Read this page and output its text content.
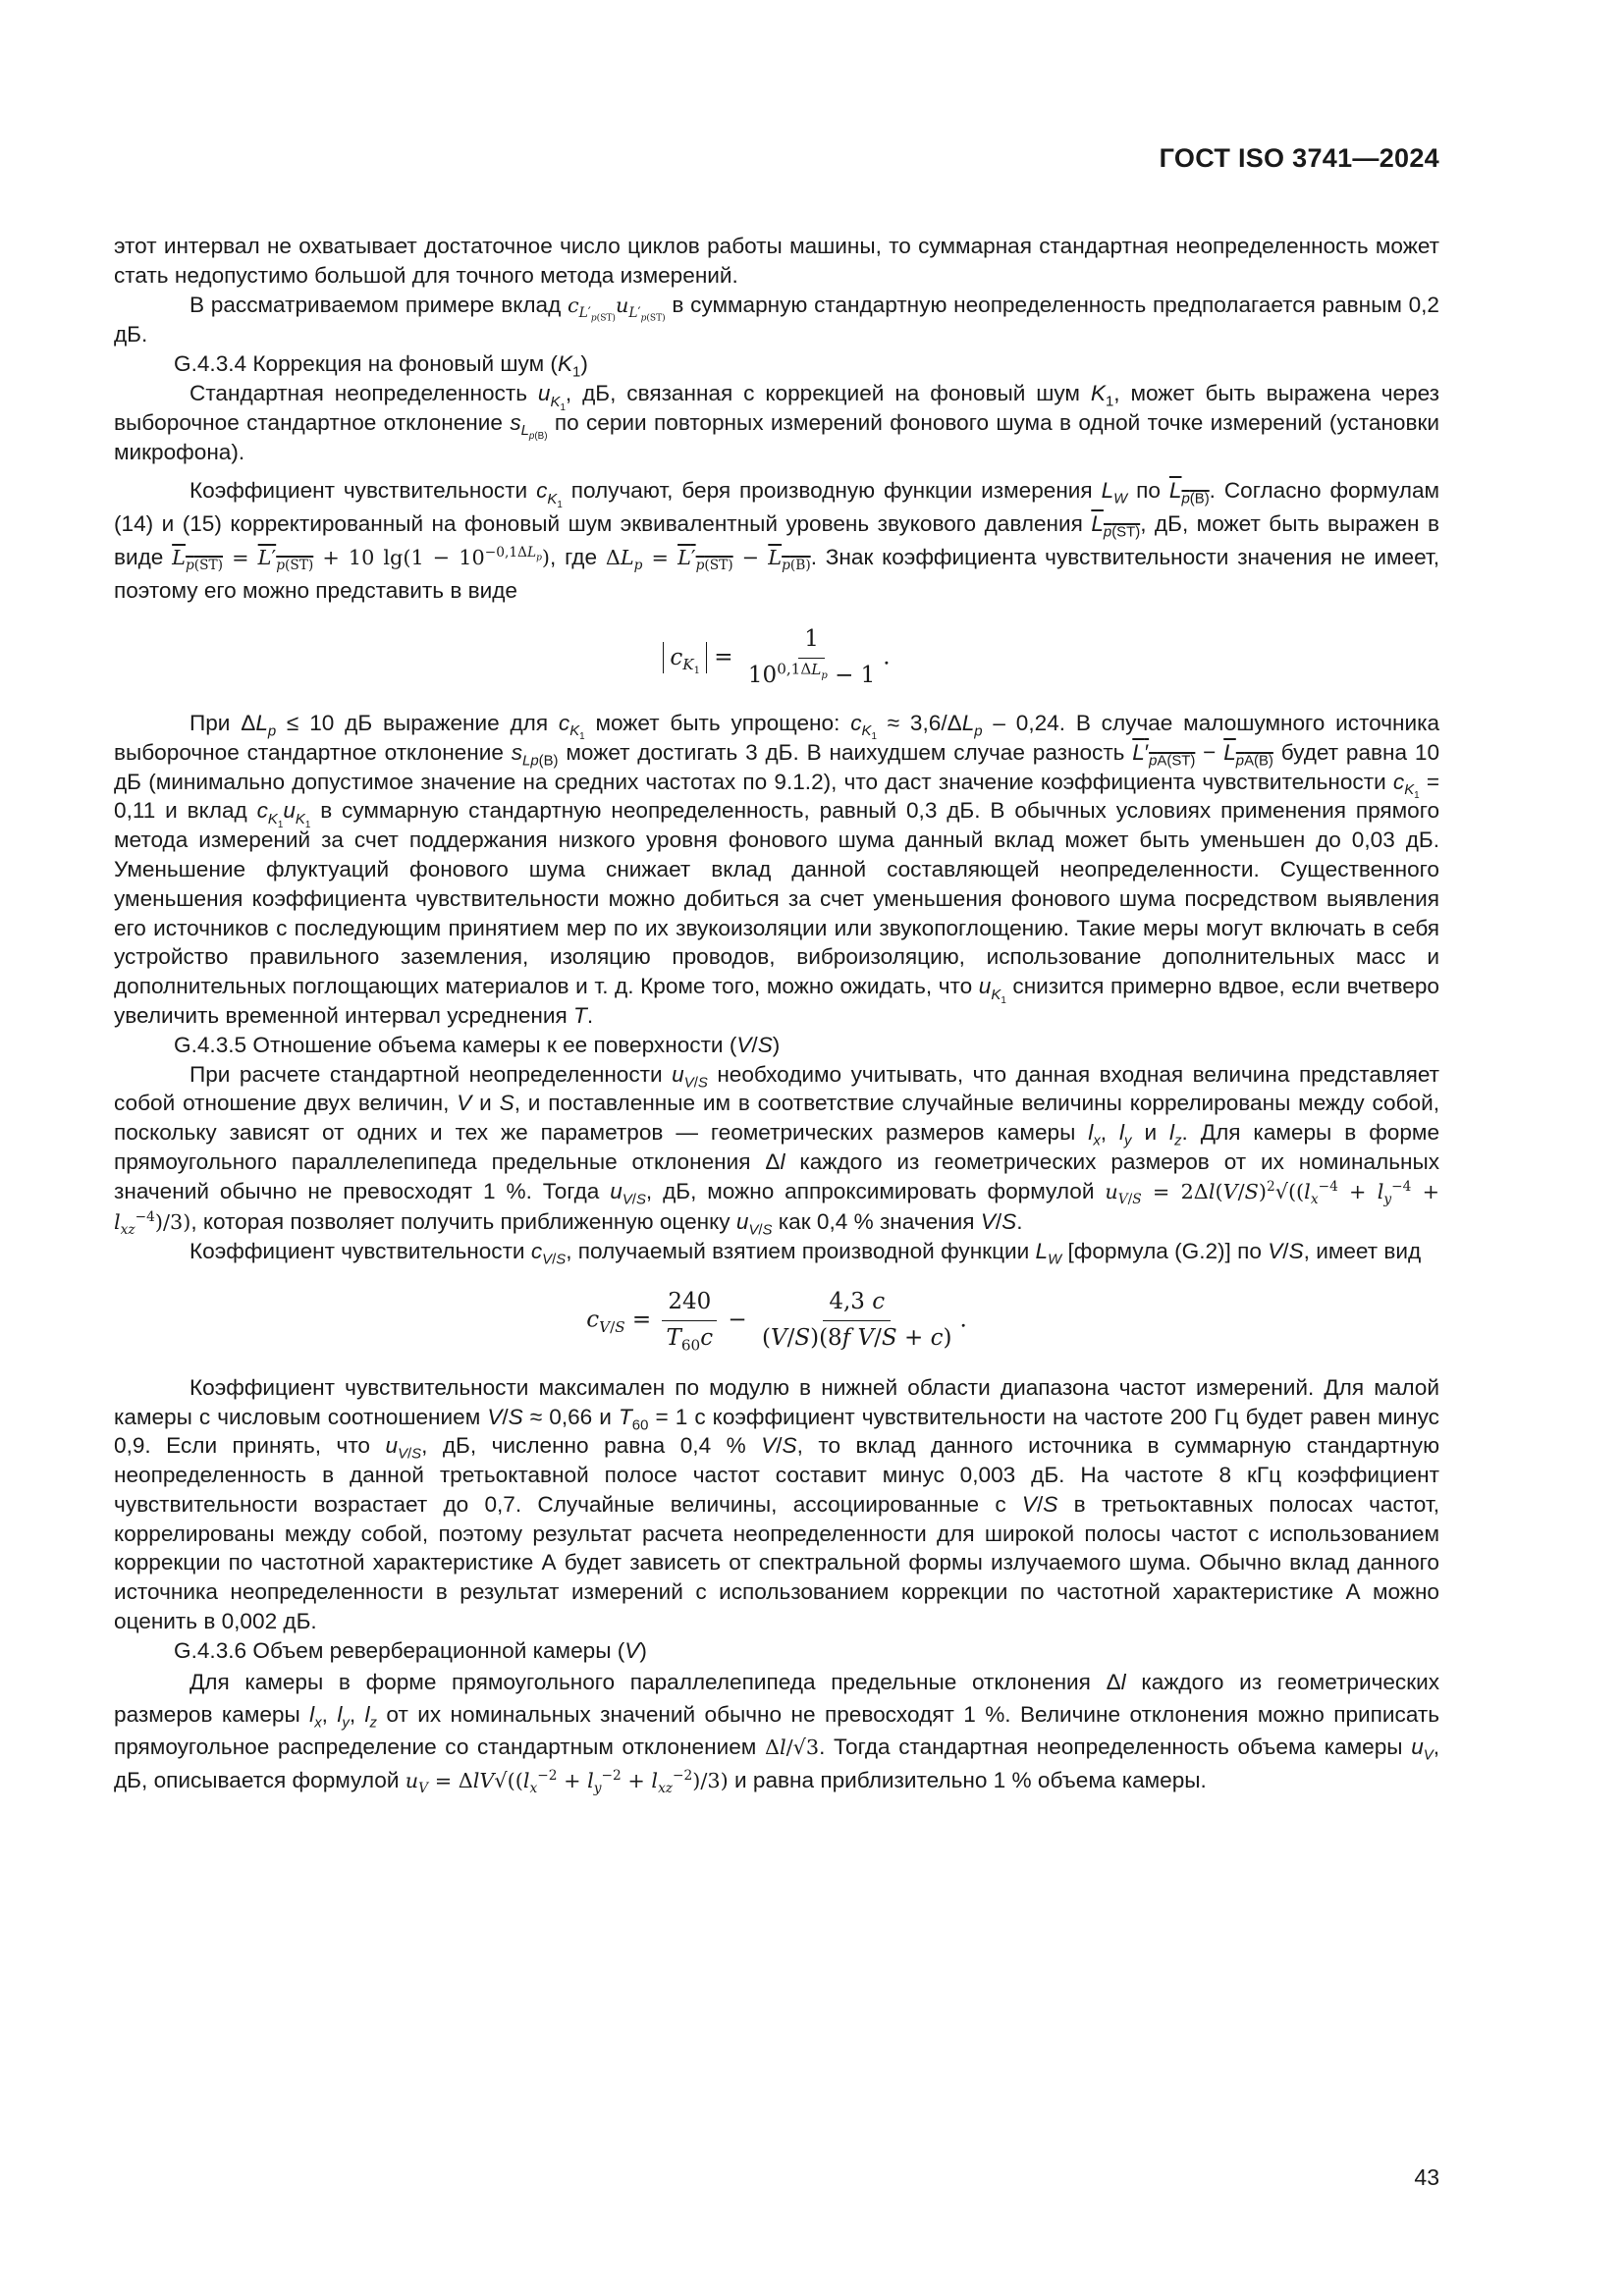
ГОСТ ISO 3741—2024

этот интервал не охватывает достаточное число циклов работы машины, то суммарная стандартная неопределенность может стать недопустимо большой для точного метода измерений.

В рассматриваемом примере вклад $c_{L'_{p(ST)}}u_{L'_{p(ST)}}$ в суммарную стандартную неопределенность предполагается равным 0,2 дБ.

G.4.3.4 Коррекция на фоновый шум $(K_1)$

Стандартная неопределенность $u_{K_1}$, дБ, связанная с коррекцией на фоновый шум $K_1$, может быть выражена через выборочное стандартное отклонение $s_{L_{p(B)}}$ по серии повторных измерений фонового шума в одной точке измерений (установки микрофона).

Коэффициент чувствительности $c_{K_1}$ получают, беря производную функции измерения $L_W$ по $L_{p(B)}$. Согласно формулам (14) и (15) корректированный на фоновый шум эквивалентный уровень звукового давления $L_{p(ST)}$, дБ, может быть выражен в виде $L_{p(ST)} = L'_{p(ST)} + 10$ $\lg(1 - 10^{-0,1\Delta L_p})$, где $\Delta L_p = L'_{p(ST)} - L_{p(B)}$. Знак коэффициента чувствительности значения не имеет, поэтому его можно представить в виде

$c_{K_1} = \frac{1}{10^{0,1\Delta L_p} - 1}$ .

При $\Delta L_p \le 10$ дБ выражение для $c_{K_1}$ может быть упрощено: $c_{K_1} \approx 3,6/\Delta L_p - 0,24$. В случае малошумного источника выборочное стандартное отклонение $s_{Lp(B)}$ может достигать 3 дБ. В наихудшем случае разность $L'_{pA(ST)} - L_{pA(B)}$ будет равна 10 дБ (минимально допустимое значение на средних частотах по 9.1.2), что даст значение коэффициента чувствительности $c_{K_1} = 0,11$ и вклад $c_{K_1}u_{K_1}$ в суммарную стандартную неопределенность, равный 0,3 дБ. В обычных условиях применения прямого метода измерений за счет поддержания низкого уровня фонового шума данный вклад может быть уменьшен до 0,03 дБ. Уменьшение флуктуаций фонового шума снижает вклад данной составляющей неопределенности. Существенного уменьшения коэффициента чувствительности можно добиться за счет уменьшения фонового шума посредством выявления его источников с последующим принятием мер по их звукоизоляции или звукопоглощению. Такие меры могут включать в себя устройство правильного заземления, изоляцию проводов, виброизоляцию, использование дополнительных масс и дополнительных поглощающих материалов и т. д. Кроме того, можно ожидать, что $u_{K_1}$ снизится примерно вдвое, если вчетверо увеличить временной интервал усреднения T.

G.4.3.5 Отношение объема камеры к ее поверхности (V/S)

При расчете стандартной неопределенности $u_{V/S}$ необходимо учитывать, что данная входная величина представляет собой отношение двух величин, V и S, и поставленные им в соответствие случайные величины коррелированы между собой, поскольку зависят от одних и тех же параметров — геометрических размеров камеры $l_x$, $l_y$ и $l_z$. Для камеры в форме прямоугольного параллелепипеда предельные отклонения Δl каждого из геометрических размеров от их номинальных значений обычно не превосходят 1 %. Тогда $u_{V/S}$, дБ, можно аппроксимировать формулой $u_{V/S} = 2\Delta l(V/S)^2√((l_x^{-4} + l_y^{-4} + l_{xz}^{-4})/3)$, которая позволяет получить приближенную оценку $u_{V/S}$ как 0,4 % значения V/S.

Коэффициент чувствительности $c_{V/S}$, получаемый взятием производной функции $L_W$ [формула (G.2)] по V/S, имеет вид

$c_{V/S} = \frac{240}{T_{60}c} - \frac{4,3 c}{\text{(V/S)(8f V/S + c)}}$ .

Коэффициент чувствительности максимален по модулю в нижней области диапазона частот измерений. Для малой камеры с числовым соотношением V/S ≈ 0,66 и $T_{60} = 1$ с коэффициент чувствительности на частоте 200 Гц будет равен минус 0,9. Если принять, что $u_{V/S}$, дБ, численно равна 0,4 % V/S, то вклад данного источника в суммарную стандартную неопределенность в данной третьоктавной полосе частот составит минус 0,003 дБ. На частоте 8 кГц коэффициент чувствительности возрастает до 0,7. Случайные величины, ассоциированные с V/S в третьоктавных полосах частот, коррелированы между собой, поэтому результат расчета неопределенности для широкой полосы частот с использованием коррекции по частотной характеристике А будет зависеть от спектральной формы излучаемого шума. Обычно вклад данного источника неопределенности в результат измерений с использованием коррекции по частотной характеристике А можно оценить в 0,002 дБ.

G.4.3.6 Объем реверберационной камеры (V)

Для камеры в форме прямоугольного параллелепипеда предельные отклонения Δl каждого из геометрических размеров камеры $l_x$, $l_y$, $l_z$ от их номинальных значений обычно не превосходят 1 %. Величине отклонения можно приписать прямоугольное распределение со стандартным отклонением Δl/√3. Тогда стандартная неопределенность объема камеры $u_V$, дБ, описывается формулой $u_V = \Delta lV√((l_x^{-2} + l_y^{-2} + l_{xz}^{-2})/3)$ и равна приблизительно 1 % объема камеры.

43
